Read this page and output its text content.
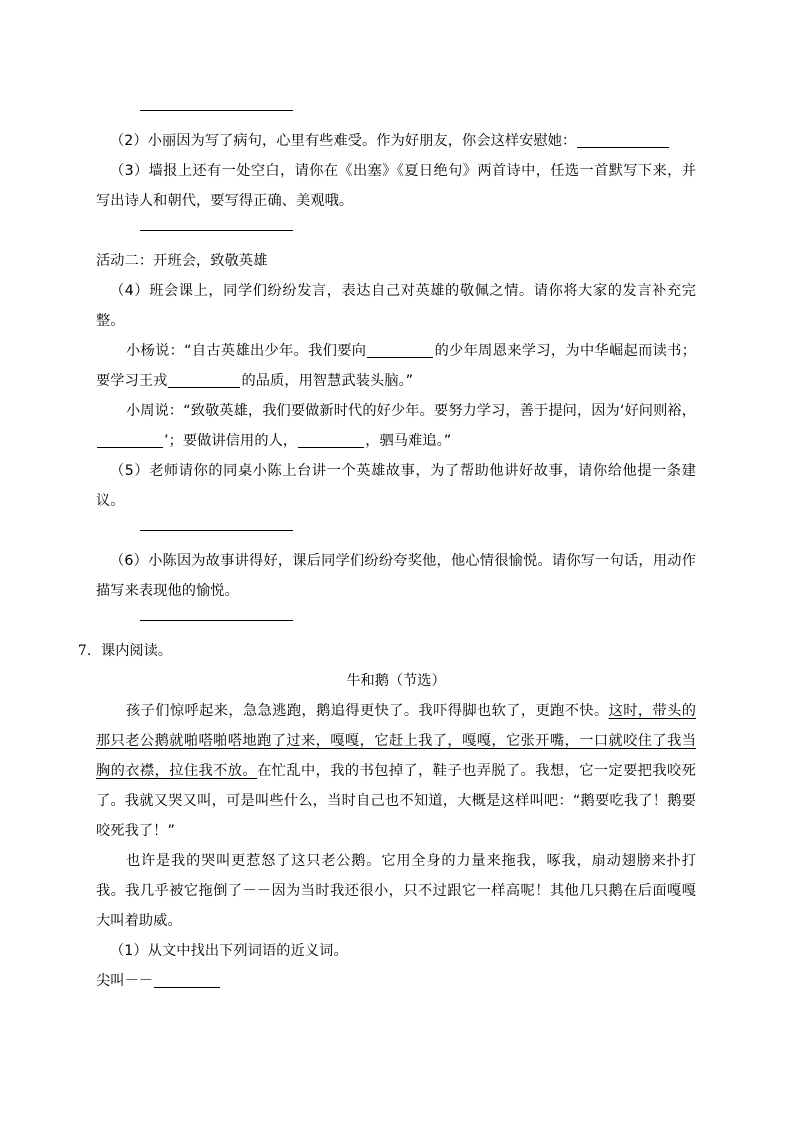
（2）小丽因为写了病句，心里有些难受。作为好朋友，你会这样安慰她：

（3）墙报上还有一处空白，请你在《出塞》《夏日绝句》两首诗中，任选一首默写下来，并写出诗人和朝代，要写得正确、美观哦。

活动二：开班会，致敬英雄

（4）班会课上，同学们纷纷发言，表达自己对英雄的敬佩之情。请你将大家的发言补充完整。

小杨说：“自古英雄出少年。我们要向	的少年周恩来学习，为中华崛起而读书；要学习王戎	的品质，用智慧武装头脑。”

小周说：“致敬英雄，我们要做新时代的好少年。要努力学习，善于提问，因为‘好问则裕，’；要做讲信用的人，	，驷马难追。”

（5）老师请你的同桌小陈上台讲一个英雄故事，为了帮助他讲好故事，请你给他提一条建议。

（6）小陈因为故事讲得好，课后同学们纷纷夸奖他，他心情很愉悦。请你写一句话，用动作描写来表现他的愉悦。

7．课内阅读。

牛和鹅（节选）

孩子们惊呼起来，急急逃跑，鹅追得更快了。我吓得脚也软了，更跑不快。这时，带头的那只老公鹅就啪嗒啪嗒地跑了过来，嘎嘎，它赶上我了，嘎嘎，它张开嘴，一口就咬住了我当胸的衣襟，拉住我不放。在忙乱中，我的书包掉了，鞋子也弄脱了。我想，它一定要把我咬死了。我就又哭又叫，可是叫些什么，当时自己也不知道，大概是这样叫吧：“鹅要吃我了！鹅要咬死我了！”

也许是我的哭叫更惹怒了这只老公鹅。它用全身的力量来拖我，啄我，扇动翅膀来扑打我。我几乎被它拖倒了－－因为当时我还很小，只不过跟它一样高呢！其他几只鹅在后面嘎嘎大叫着助威。

（1）从文中找出下列词语的近义词。

尖叫－－
